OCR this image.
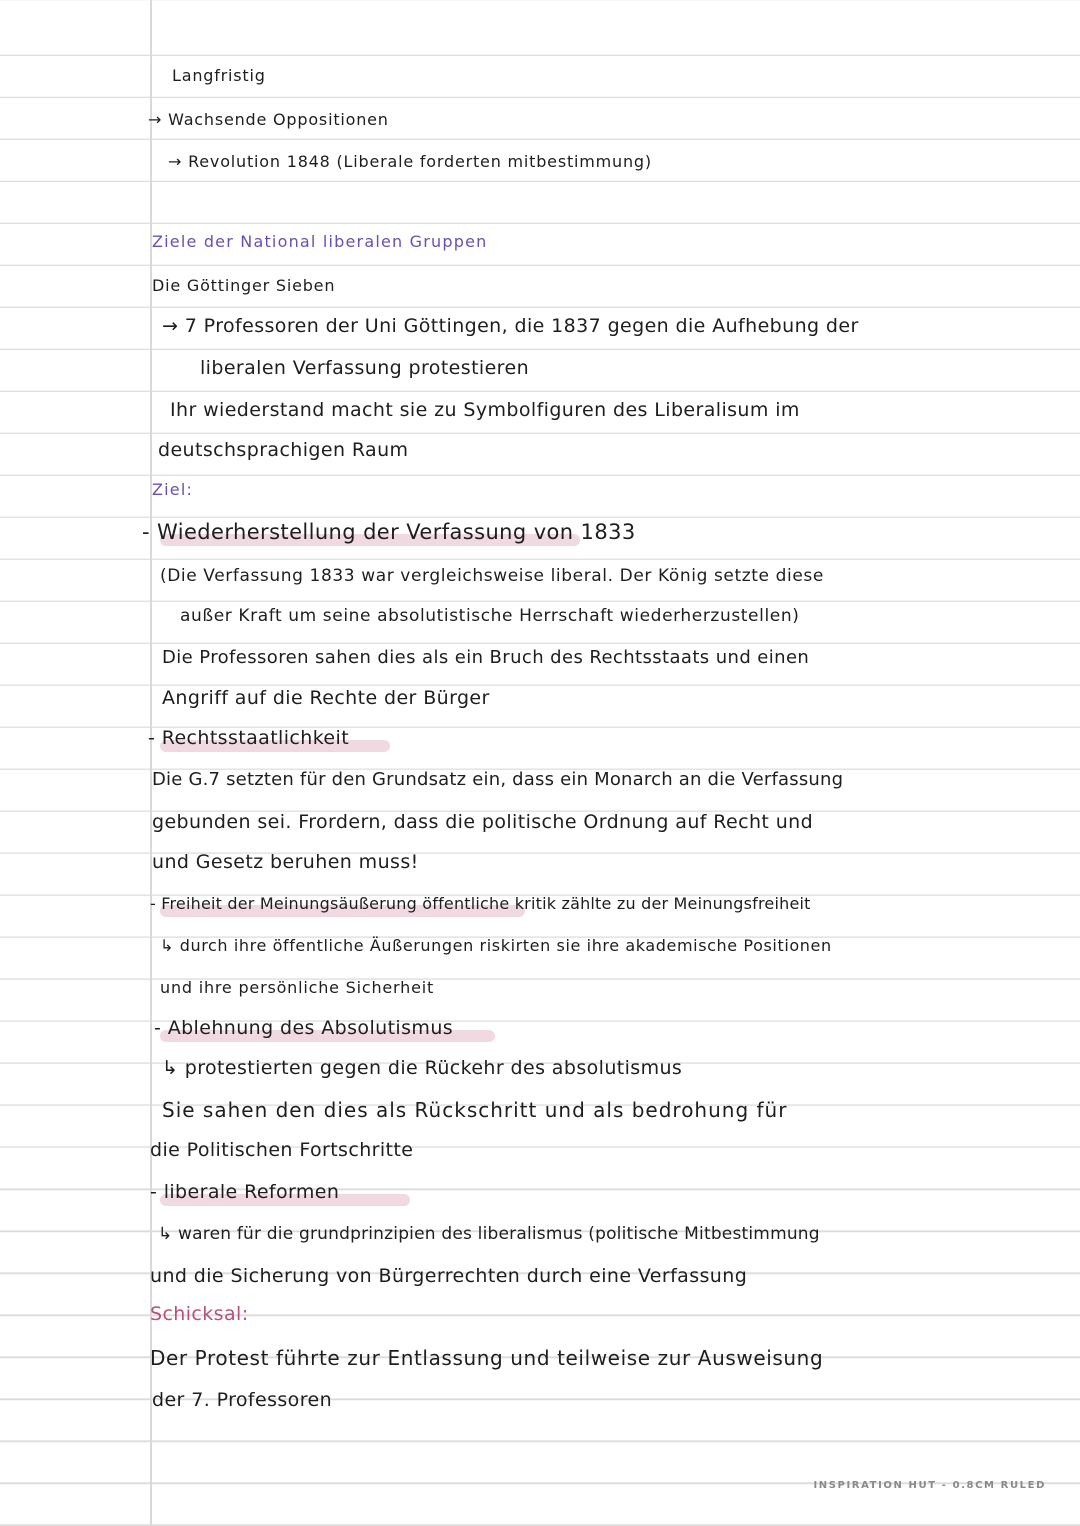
Langfristig
→ Wachsende Oppositionen
→ Revolution 1848 (Liberale forderten mitbestimmung)
Ziele der National liberalen Gruppen
Die Göttinger Sieben
→ 7 Professoren der Uni Göttingen, die 1837 gegen die Aufhebung der
liberalen Verfassung protestieren
Ihr wiederstand macht sie zu Symbolfiguren des Liberalisum im
deutschsprachigen Raum
Ziel:
- Wiederherstellung der Verfassung von 1833
(Die Verfassung 1833 war vergleichsweise liberal. Der König setzte diese
außer Kraft um seine absolutistische Herrschaft wiederherzustellen)
Die Professoren sahen dies als ein Bruch des Rechtsstaats und einen
Angriff auf die Rechte der Bürger
- Rechtsstaatlichkeit
Die G.7 setzten für den Grundsatz ein, dass ein Monarch an die Verfassung
gebunden sei. Frordern, dass die politische Ordnung auf Recht und
und Gesetz beruhen muss!
- Freiheit der Meinungsäußerung öffentliche kritik zählte zu der Meinungsfreiheit
↳ durch ihre öffentliche Äußerungen riskirten sie ihre akademische Positionen
und ihre persönliche Sicherheit
- Ablehnung des Absolutismus
↳ protestierten gegen die Rückehr des absolutismus
Sie sahen den dies als Rückschritt und als bedrohung für
die Politischen Fortschritte
- liberale Reformen
↳ waren für die grundprinzipien des liberalismus (politische Mitbestimmung
und die Sicherung von Bürgerrechten durch eine Verfassung
Schicksal:
Der Protest führte zur Entlassung und teilweise zur Ausweisung
der 7. Professoren
INSPIRATION HUT - 0.8CM RULED
